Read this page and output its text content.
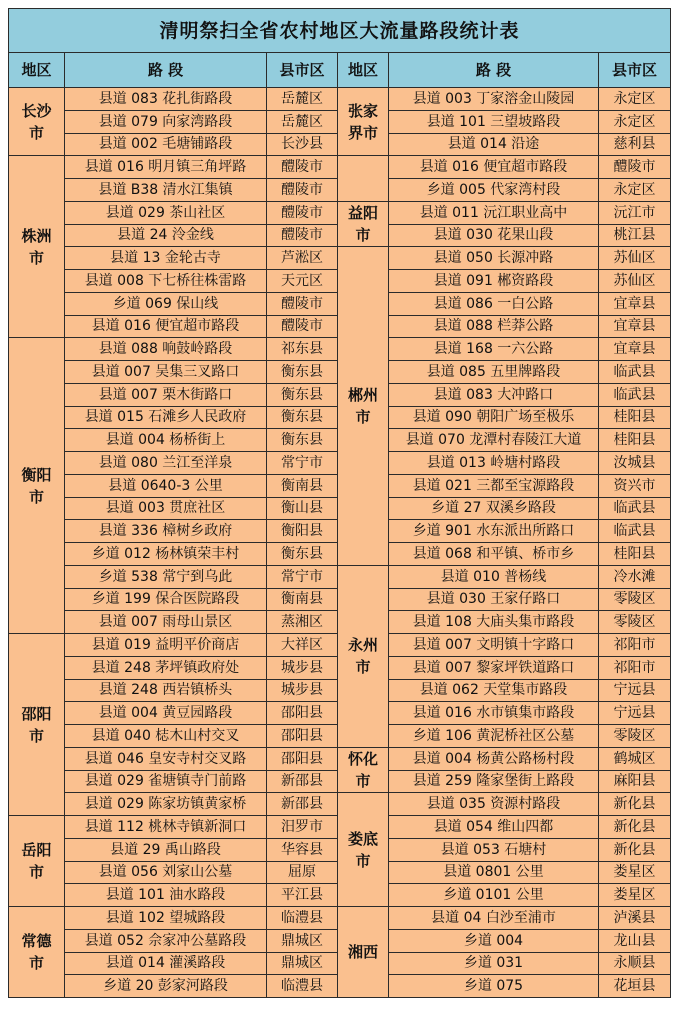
清明祭扫全省农村地区大流量路段统计表					
地区	路 段	县市区	地区	路 段	县市区
长沙市	县道 083 花扎街路段	岳麓区	张家界市	县道 003 丁家溶金山陵园	永定区
	县道 079 向家湾路段	岳麓区		县道 101 三望坡路段	永定区
	县道 002 毛塘铺路段	长沙县		县道 014 沿途	慈利县
株洲市	县道 016 明月镇三角坪路	醴陵市		县道 016 便宜超市路段	醴陵市
	县道 B38 清水江集镇	醴陵市		乡道 005 代家湾村段	永定区
	县道 029 茶山社区	醴陵市	益阳市	县道 011 沅江职业高中	沅江市
	县道 24 泠金线	醴陵市		县道 030 花果山段	桃江县
	县道 13 金轮古寺	芦淞区	郴州市	县道 050 长源冲路	苏仙区
	县道 008 下七桥往株雷路	天元区		县道 091 郴资路段	苏仙区
	乡道 069 保山线	醴陵市		县道 086 一白公路	宜章县
	县道 016 便宜超市路段	醴陵市		县道 088 栏莽公路	宜章县
衡阳市	县道 088 响鼓岭路段	祁东县		县道 168 一六公路	宜章县
	县道 007 吴集三叉路口	衡东县		县道 085 五里牌路段	临武县
	县道 007 栗木街路口	衡东县		县道 083 大冲路口	临武县
	县道 015 石滩乡人民政府	衡东县		县道 090 朝阳广场至极乐	桂阳县
	县道 004 杨桥街上	衡东县		县道 070 龙潭村春陵江大道	桂阳县
	县道 080 兰江至洋泉	常宁市		县道 013 岭塘村路段	汝城县
	县道 0640-3 公里	衡南县		县道 021 三都至宝源路段	资兴市
	县道 003 贯庶社区	衡山县		乡道 27 双溪乡路段	临武县
	县道 336 樟树乡政府	衡阳县		乡道 901 水东派出所路口	临武县
	乡道 012 杨林镇荣丰村	衡东县		县道 068 和平镇、桥市乡	桂阳县
	乡道 538 常宁到乌此	常宁市	永州市	县道 010 普杨线	冷水滩
	乡道 199 保合医院路段	衡南县		县道 030 王家仔路口	零陵区
	县道 007 雨母山景区	蒸湘区		县道 108 大庙头集市路段	零陵区
邵阳市	县道 019 益明平价商店	大祥区		县道 007 文明镇十字路口	祁阳市
	县道 248 茅坪镇政府处	城步县		县道 007 黎家坪铁道路口	祁阳市
	县道 248 西岩镇桥头	城步县		县道 062 天堂集市路段	宁远县
	县道 004 黄豆园路段	邵阳县		县道 016 水市镇集市路段	宁远县
	县道 040 梽木山村交叉	邵阳县		乡道 106 黄泥桥社区公墓	零陵区
	县道 046 皇安寺村交叉路	邵阳县	怀化市	县道 004 杨黄公路杨村段	鹤城区
	县道 029 雀塘镇寺门前路	新邵县		县道 259 隆家堡街上路段	麻阳县
	县道 029 陈家坊镇黄家桥	新邵县	娄底市	县道 035 资源村路段	新化县
岳阳市	县道 112 桃林寺镇新洞口	汨罗市		县道 054 维山四都	新化县
	县道 29 禹山路段	华容县		县道 053 石塘村	新化县
	县道 056 刘家山公墓	屈原		县道 0801 公里	娄星区
	县道 101 油水路段	平江县		乡道 0101 公里	娄星区
常德市	县道 102 望城路段	临澧县	湘西	县道 04 白沙至浦市	泸溪县
	县道 052 佘家冲公墓路段	鼎城区		乡道 004	龙山县
	县道 014 灌溪路段	鼎城区		乡道 031	永顺县
	乡道 20 彭家河路段	临澧县		乡道 075	花垣县
